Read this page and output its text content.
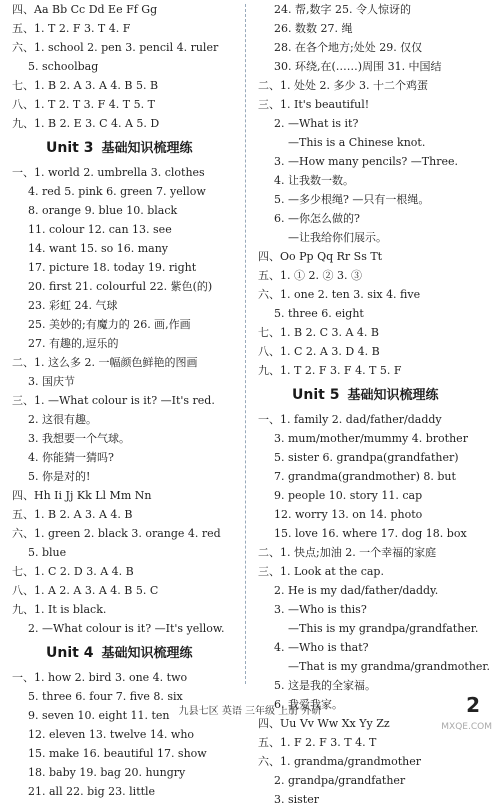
四、Aa Bb Cc Dd Ee Ff Gg
五、1. T 2. F 3. T 4. F
六、1. school 2. pen 3. pencil 4. ruler
5. schoolbag
七、1. B 2. A 3. A 4. B 5. B
八、1. T 2. T 3. F 4. T 5. T
九、1. B 2. E 3. C 4. A 5. D
Unit 3 基础知识梳理练
一、1. world 2. umbrella 3. clothes
4. red 5. pink 6. green 7. yellow
8. orange 9. blue 10. black
11. colour 12. can 13. see
14. want 15. so 16. many
17. picture 18. today 19. right
20. first 21. colourful 22. 紫色(的)
23. 彩虹 24. 气球
25. 美妙的;有魔力的 26. 画,作画
27. 有趣的,逗乐的
二、1. 这么多 2. 一幅颜色鲜艳的图画
3. 国庆节
三、1. —What colour is it? —It's red.
2. 这很有趣。
3. 我想要一个气球。
4. 你能猜一猜吗?
5. 你是对的!
四、Hh Ii Jj Kk Ll Mm Nn
五、1. B 2. A 3. A 4. B
六、1. green 2. black 3. orange 4. red
5. blue
七、1. C 2. D 3. A 4. B
八、1. A 2. A 3. A 4. B 5. C
九、1. It is black.
2. —What colour is it? —It's yellow.
Unit 4 基础知识梳理练
一、1. how 2. bird 3. one 4. two
5. three 6. four 7. five 8. six
9. seven 10. eight 11. ten
12. eleven 13. twelve 14. who
15. make 16. beautiful 17. show
18. baby 19. bag 20. hungry
21. all 22. big 23. little
24. 帮,数字 25. 令人惊讶的
26. 数数 27. 绳
28. 在各个地方;处处 29. 仅仅
30. 环绕,在(……)周围 31. 中国结
二、1. 处处 2. 多少 3. 十二个鸡蛋
三、1. It's beautiful!
2. —What is it?
—This is a Chinese knot.
3. —How many pencils? —Three.
4. 让我数一数。
5. —多少根绳? —只有一根绳。
6. —你怎么做的?
—让我给你们展示。
四、Oo Pp Qq Rr Ss Tt
五、1. ① 2. ② 3. ③
六、1. one 2. ten 3. six 4. five
5. three 6. eight
七、1. B 2. C 3. A 4. B
八、1. C 2. A 3. D 4. B
九、1. T 2. F 3. F 4. T 5. F
Unit 5 基础知识梳理练
一、1. family 2. dad/father/daddy
3. mum/mother/mummy 4. brother
5. sister 6. grandpa(grandfather)
7. grandma(grandmother) 8. but
9. people 10. story 11. cap
12. worry 13. on 14. photo
15. love 16. where 17. dog 18. box
二、1. 快点;加油 2. 一个幸福的家庭
三、1. Look at the cap.
2. He is my dad/father/daddy.
3. —Who is this?
—This is my grandpa/grandfather.
4. —Who is that?
—That is my grandma/grandmother.
5. 这是我的全家福。
6. 我爱我家。
四、Uu Vv Ww Xx Yy Zz
五、1. F 2. F 3. T 4. T
六、1. grandma/grandmother
2. grandpa/grandfather
3. sister
九县七区 英语 三年级 上册 外研	2
MXQE.COM
